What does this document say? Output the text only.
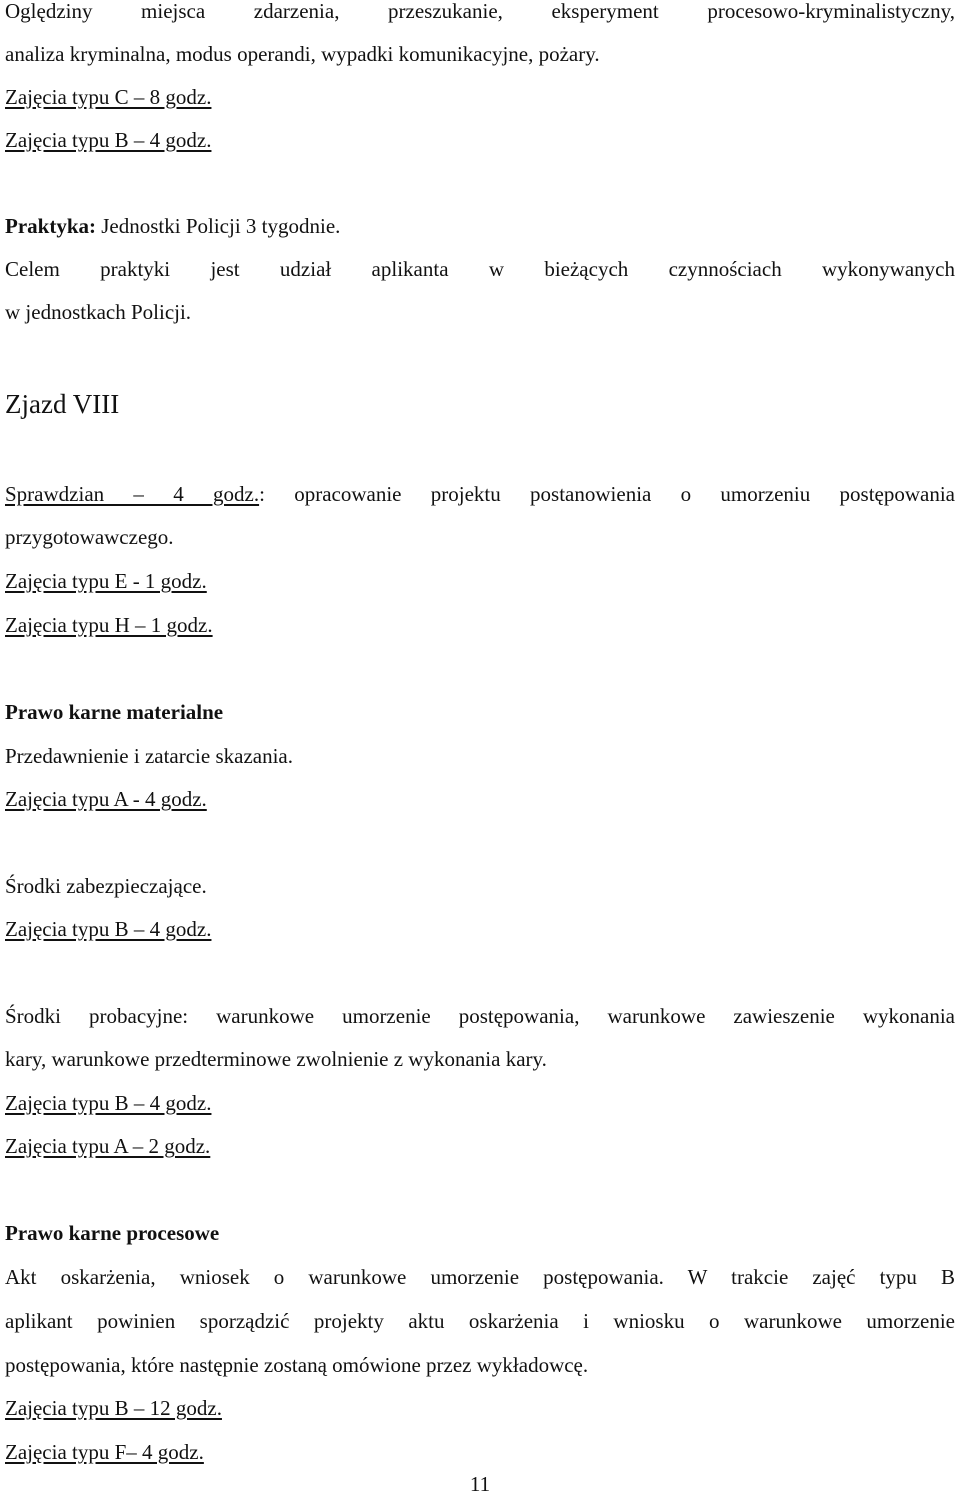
Oględziny miejsca zdarzenia, przeszukanie, eksperyment procesowo-kryminalistyczny,

analiza kryminalna, modus operandi, wypadki komunikacyjne, pożary.

Zajęcia typu C – 8 godz.

Zajęcia typu B – 4 godz.

Praktyka: Jednostki Policji 3 tygodnie.

Celem praktyki jest udział aplikanta w bieżących czynnościach wykonywanych

w jednostkach Policji.

Zjazd VIII

Sprawdzian – 4 godz.: opracowanie projektu postanowienia o umorzeniu postępowania

przygotowawczego.

Zajęcia typu E - 1 godz.

Zajęcia typu H – 1 godz.

Prawo karne materialne

Przedawnienie i zatarcie skazania.

Zajęcia typu A - 4 godz.

Środki zabezpieczające.

Zajęcia typu B – 4 godz.

Środki probacyjne: warunkowe umorzenie postępowania, warunkowe zawieszenie wykonania

kary, warunkowe przedterminowe zwolnienie z wykonania kary.

Zajęcia typu B – 4 godz.

Zajęcia typu A – 2 godz.

Prawo karne procesowe

Akt oskarżenia, wniosek o warunkowe umorzenie postępowania. W trakcie zajęć typu B

aplikant powinien sporządzić projekty aktu oskarżenia i wniosku o warunkowe umorzenie

postępowania, które następnie zostaną omówione przez wykładowcę.

Zajęcia typu B – 12 godz.

Zajęcia typu F– 4 godz.

11
